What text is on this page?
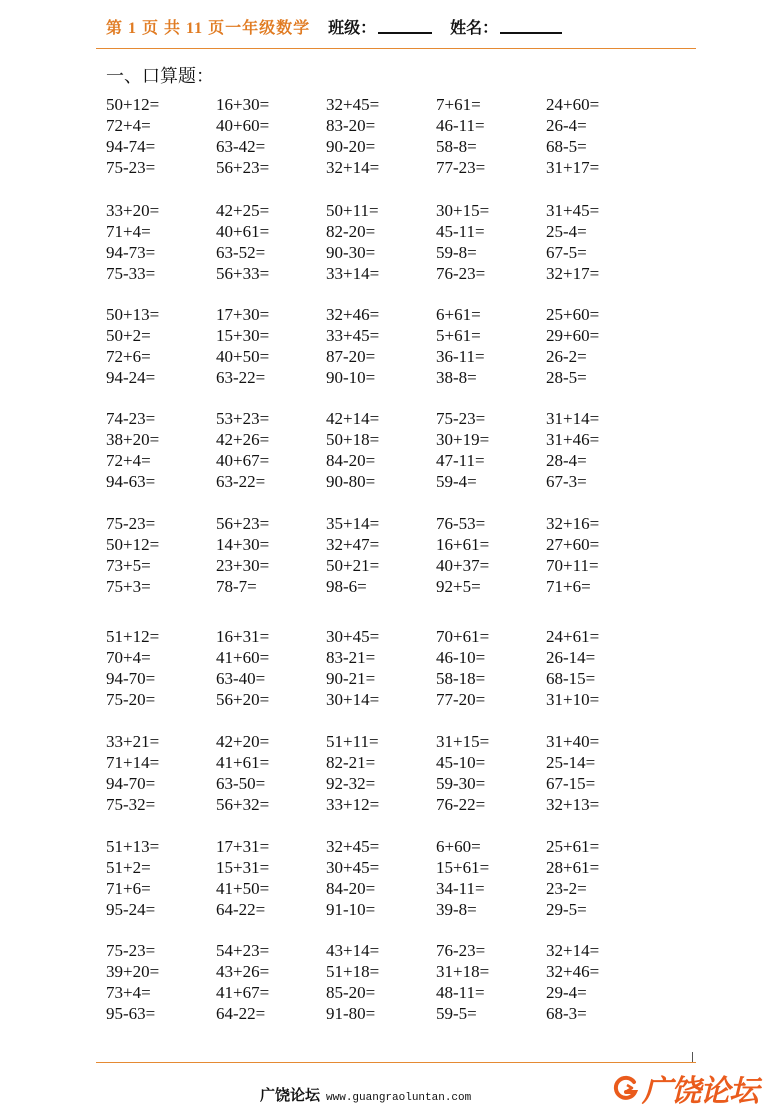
第 1 页 共 11 页一年级数学 班级：	姓名：
一、口算题：
50+12=	16+30=	32+45=	7+61=	24+60=
72+4=	40+60=	83-20=	46-11=	26-4=
94-74=	63-42=	90-20=	58-8=	68-5=
75-23=	56+23=	32+14=	77-23=	31+17=
33+20=	42+25=	50+11=	30+15=	31+45=
71+4=	40+61=	82-20=	45-11=	25-4=
94-73=	63-52=	90-30=	59-8=	67-5=
75-33=	56+33=	33+14=	76-23=	32+17=
50+13=	17+30=	32+46=	6+61=	25+60=
50+2=	15+30=	33+45=	5+61=	29+60=
72+6=	40+50=	87-20=	36-11=	26-2=
94-24=	63-22=	90-10=	38-8=	28-5=
74-23=	53+23=	42+14=	75-23=	31+14=
38+20=	42+26=	50+18=	30+19=	31+46=
72+4=	40+67=	84-20=	47-11=	28-4=
94-63=	63-22=	90-80=	59-4=	67-3=
75-23=	56+23=	35+14=	76-53=	32+16=
50+12=	14+30=	32+47=	16+61=	27+60=
73+5=	23+30=	50+21=	40+37=	70+11=
75+3=	78-7=	98-6=	92+5=	71+6=
51+12=	16+31=	30+45=	70+61=	24+61=
70+4=	41+60=	83-21=	46-10=	26-14=
94-70=	63-40=	90-21=	58-18=	68-15=
75-20=	56+20=	30+14=	77-20=	31+10=
33+21=	42+20=	51+11=	31+15=	31+40=
71+14=	41+61=	82-21=	45-10=	25-14=
94-70=	63-50=	92-32=	59-30=	67-15=
75-32=	56+32=	33+12=	76-22=	32+13=
51+13=	17+31=	32+45=	6+60=	25+61=
51+2=	15+31=	30+45=	15+61=	28+61=
71+6=	41+50=	84-20=	34-11=	23-2=
95-24=	64-22=	91-10=	39-8=	29-5=
75-23=	54+23=	43+14=	76-23=	32+14=
39+20=	43+26=	51+18=	31+18=	32+46=
73+4=	41+67=	85-20=	48-11=	29-4=
95-63=	64-22=	91-80=	59-5=	68-3=
广饶论坛 www.guangraoluntan.com	广饶论坛
